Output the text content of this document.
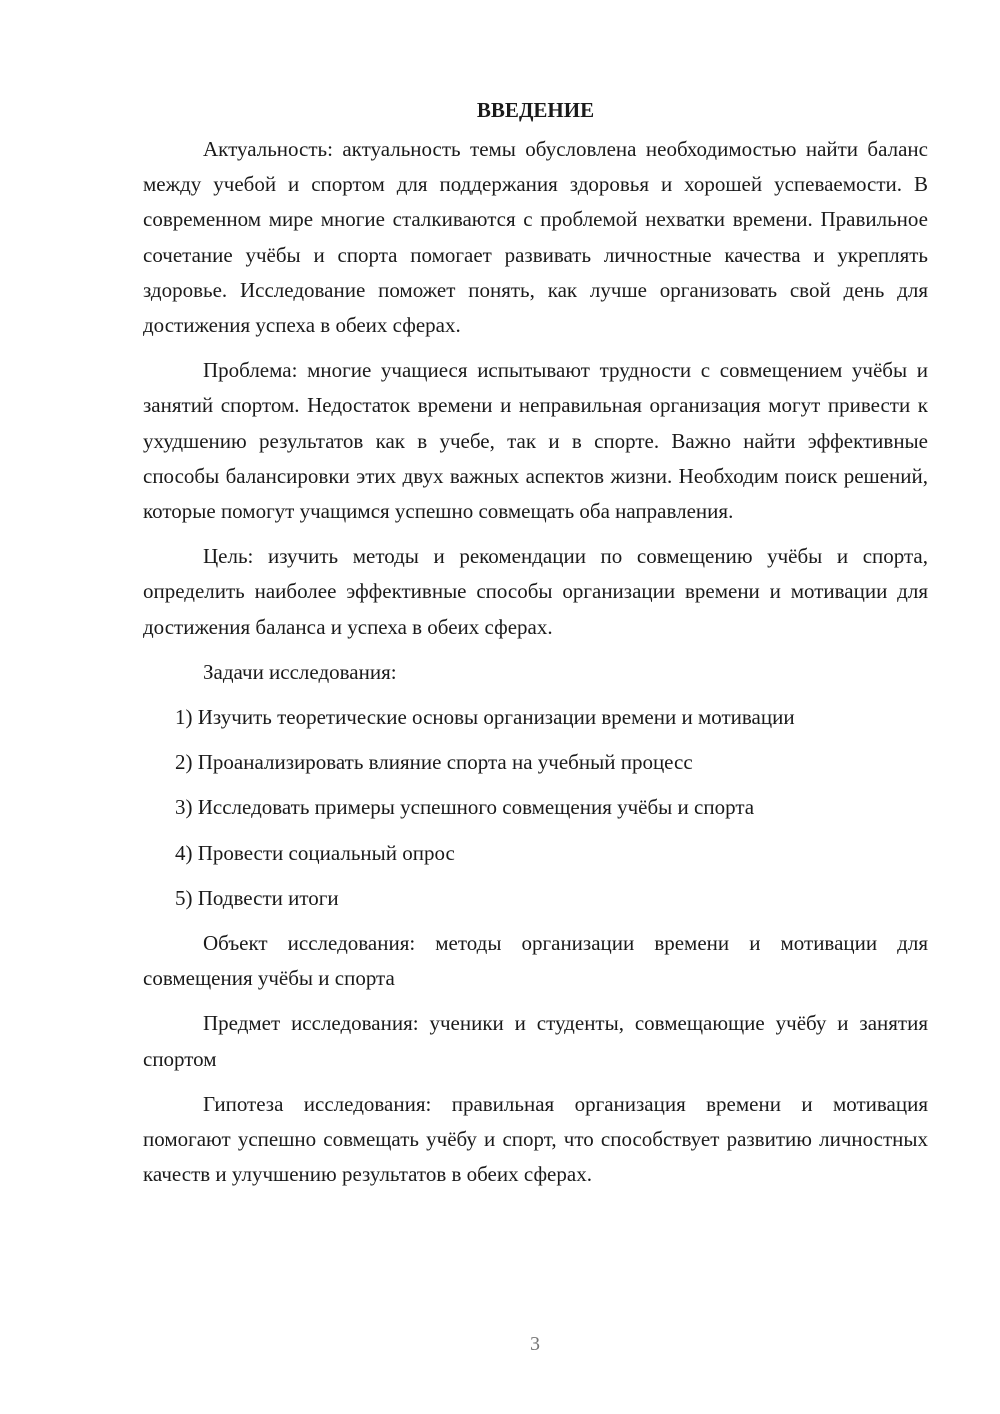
ВВЕДЕНИЕ

Актуальность: актуальность темы обусловлена необходимостью найти баланс между учебой и спортом для поддержания здоровья и хорошей успеваемости. В современном мире многие сталкиваются с проблемой нехватки времени. Правильное сочетание учёбы и спорта помогает развивать личностные качества и укреплять здоровье. Исследование поможет понять, как лучше организовать свой день для достижения успеха в обеих сферах.

Проблема: многие учащиеся испытывают трудности с совмещением учёбы и занятий спортом. Недостаток времени и неправильная организация могут привести к ухудшению результатов как в учебе, так и в спорте. Важно найти эффективные способы балансировки этих двух важных аспектов жизни. Необходим поиск решений, которые помогут учащимся успешно совмещать оба направления.

Цель: изучить методы и рекомендации по совмещению учёбы и спорта, определить наиболее эффективные способы организации времени и мотивации для достижения баланса и успеха в обеих сферах.

Задачи исследования:

1) Изучить теоретические основы организации времени и мотивации
2) Проанализировать влияние спорта на учебный процесс
3) Исследовать примеры успешного совмещения учёбы и спорта
4) Провести социальный опрос
5) Подвести итоги

Объект исследования: методы организации времени и мотивации для совмещения учёбы и спорта

Предмет исследования: ученики и студенты, совмещающие учёбу и занятия спортом

Гипотеза исследования: правильная организация времени и мотивация помогают успешно совмещать учёбу и спорт, что способствует развитию личностных качеств и улучшению результатов в обеих сферах.

3
